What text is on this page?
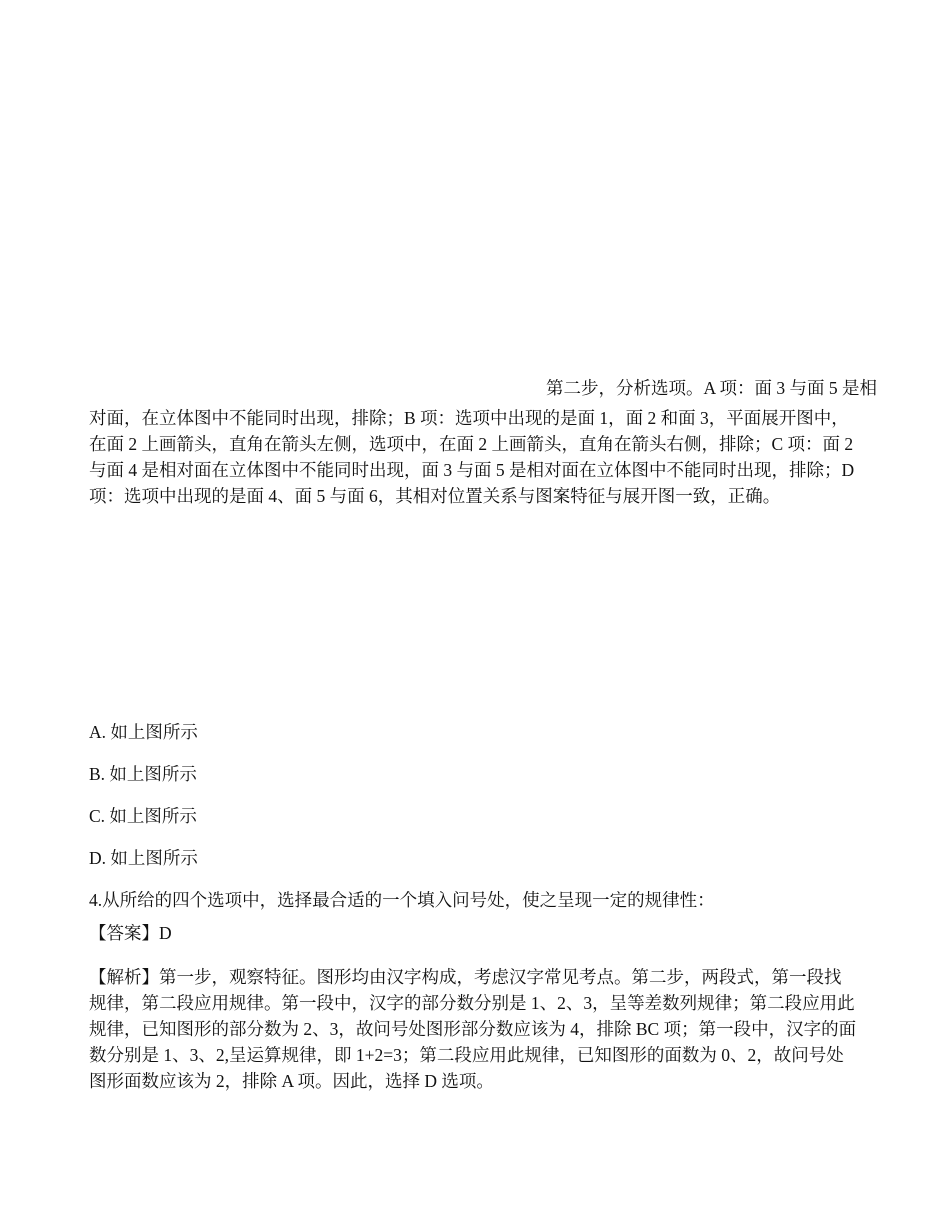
第二步，分析选项。A 项：面 3 与面 5 是相
对面，在立体图中不能同时出现，排除；B 项：选项中出现的是面 1，面 2 和面 3，平面展开图中，
在面 2 上画箭头，直角在箭头左侧，选项中，在面 2 上画箭头，直角在箭头右侧，排除；C 项：面 2
与面 4 是相对面在立体图中不能同时出现，面 3 与面 5 是相对面在立体图中不能同时出现，排除；D
项：选项中出现的是面 4、面 5 与面 6，其相对位置关系与图案特征与展开图一致，正确。
A. 如上图所示
B. 如上图所示
C. 如上图所示
D. 如上图所示
4.从所给的四个选项中，选择最合适的一个填入问号处，使之呈现一定的规律性：
【答案】D
【解析】第一步，观察特征。图形均由汉字构成，考虑汉字常见考点。第二步，两段式，第一段找
规律，第二段应用规律。第一段中，汉字的部分数分别是 1、2、3，呈等差数列规律；第二段应用此
规律，已知图形的部分数为 2、3，故问号处图形部分数应该为 4，排除 BC 项；第一段中，汉字的面
数分别是 1、3、2,呈运算规律，即 1+2=3；第二段应用此规律，已知图形的面数为 0、2，故问号处
图形面数应该为 2，排除 A 项。因此，选择 D 选项。
